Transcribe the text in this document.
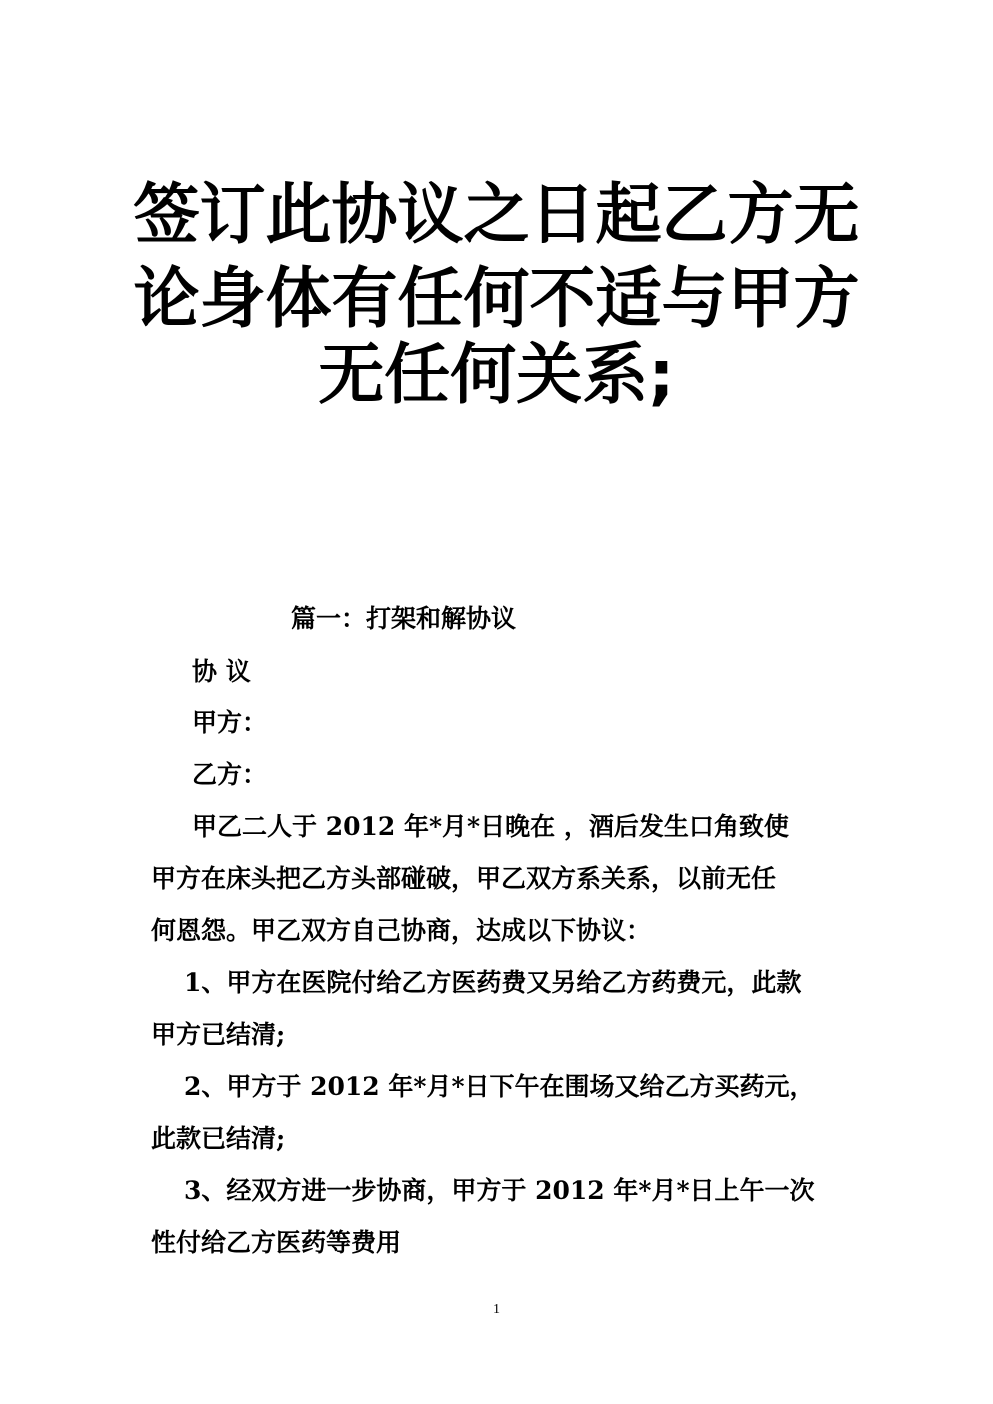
签订此协议之日起乙方无
论身体有任何不适与甲方
无任何关系;
篇一：打架和解协议
协 议
甲方：
乙方：
甲乙二人于 2012 年*月*日晚在 ，酒后发生口角致使
甲方在床头把乙方头部碰破，甲乙双方系关系，以前无任
何恩怨。甲乙双方自己协商，达成以下协议：
1、甲方在医院付给乙方医药费又另给乙方药费元，此款
甲方已结清;
2、甲方于 2012 年*月*日下午在围场又给乙方买药元，
此款已结清;
3、经双方进一步协商，甲方于 2012 年*月*日上午一次
性付给乙方医药等费用
1
